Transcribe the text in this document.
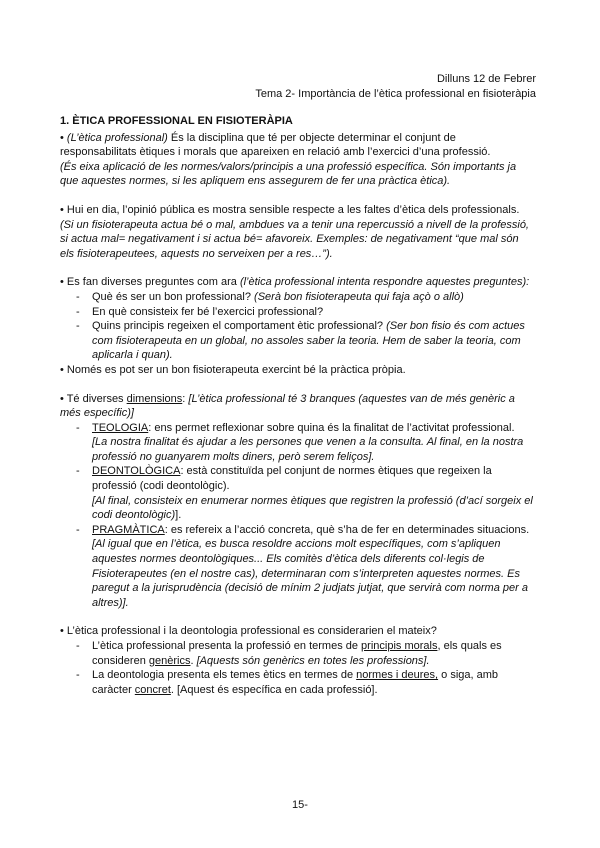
Dilluns 12 de Febrer
Tema 2- Importància de l’ètica professional en fisioteràpia

1. ÈTICA PROFESSIONAL EN FISIOTERÀPIA

• (L’ètica professional) És la disciplina que té per objecte determinar el conjunt de responsabilitats ètiques i morals que apareixen en relació amb l’exercici d’una professió.

(És eixa aplicació de les normes/valors/principis a una professió específica. Són importants ja que aquestes normes, si les apliquem ens assegurem de fer una pràctica ètica).

• Hui en dia, l’opinió pública es mostra sensible respecte a les faltes d’ètica dels professionals. (Si un fisioterapeuta actua bé o mal, ambdues va a tenir una repercussió a nivell de la professió, si actua mal= negativament i si actua bé= afavoreix. Exemples: de negativament “que mal són els fisioterapeutees, aquests no serveixen per a res…”).

• Es fan diverses preguntes com ara (l’ètica professional intenta respondre aquestes preguntes):

- Què és ser un bon professional? (Serà bon fisioterapeuta qui faja açò o allò)

- En què consisteix fer bé l’exercici professional?

- Quins principis regeixen el comportament ètic professional? (Ser bon fisio és com actues com fisioterapeuta en un global, no assoles saber la teoria. Hem de saber la teoria, com aplicarla i quan).

• Només es pot ser un bon fisioterapeuta exercint bé la pràctica pròpia.

• Té diverses dimensions: [L’ètica professional té 3 branques (aquestes van de més genèric a més específic)]

- TEOLOGIA: ens permet reflexionar sobre quina és la finalitat de l’activitat professional.

[La nostra finalitat és ajudar a les persones que venen a la consulta. Al final, en la nostra professió no guanyarem molts diners, però serem feliços].

- DEONTOLÒGICA: està constituïda pel conjunt de normes ètiques que regeixen la professió (codi deontològic).

[Al final, consisteix en enumerar normes ètiques que registren la professió (d’ací sorgeix el codi deontològic)].

- PRAGMÀTICA: es refereix a l’acció concreta, què s’ha de fer en determinades situacions.

[Al igual que en l’ètica, es busca resoldre accions molt específiques, com s’apliquen aquestes normes deontològiques... Els comitès d’ètica dels diferents col·legis de Fisioterapeutes (en el nostre cas), determinaran com s’interpreten aquestes normes. Es paregut a la jurisprudència (decisió de mínim 2 judjats jutjat, que servirà com norma per a altres)].

• L’ètica professional i la deontologia professional es considerarien el mateix?

- L’ètica professional presenta la professió en termes de principis morals, els quals es consideren genèrics. [Aquests són genèrics en totes les professions].

- La deontologia presenta els temes ètics en termes de normes i deures, o siga, amb caràcter concret. [Aquest és específica en cada professió].

15-
